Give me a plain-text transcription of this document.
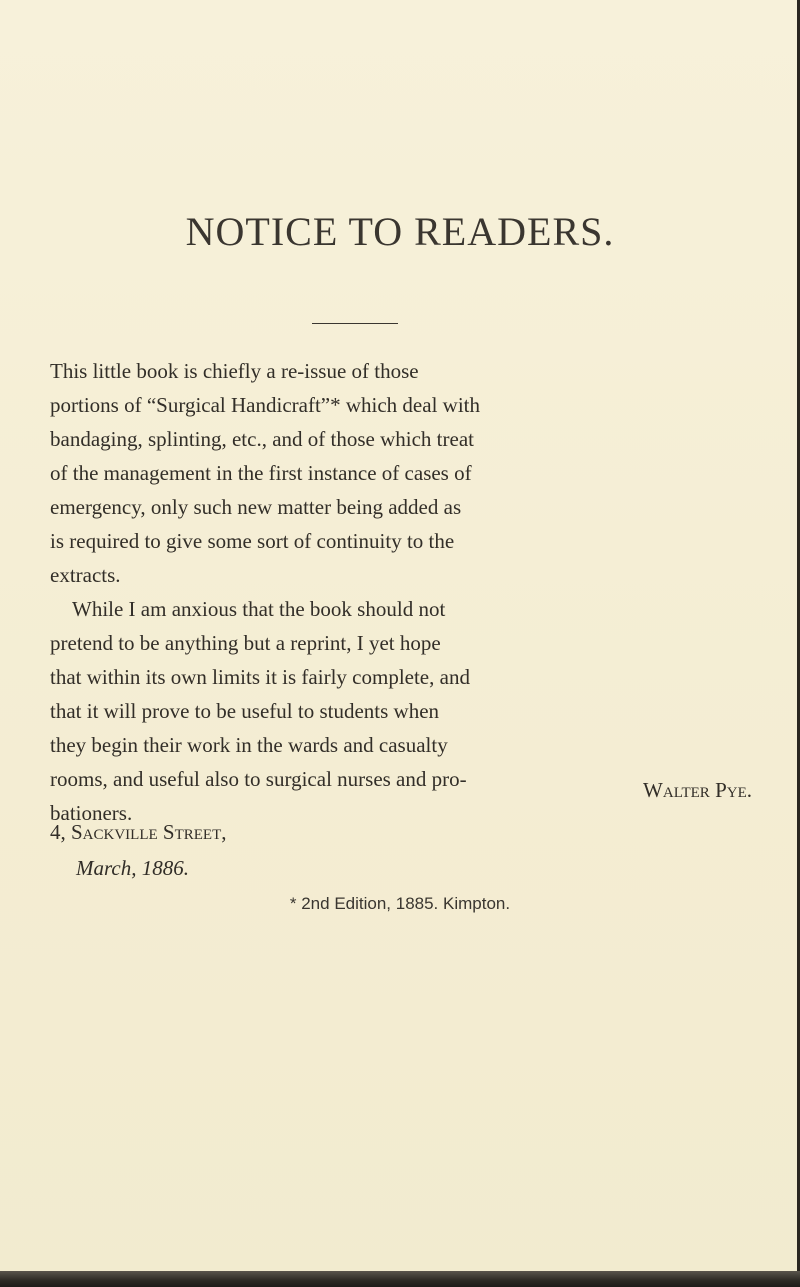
NOTICE TO READERS.

This little book is chiefly a re-issue of those
portions of “Surgical Handicraft”* which deal with
bandaging, splinting, etc., and of those which treat
of the management in the first instance of cases of
emergency, only such new matter being added as
is required to give some sort of continuity to the
extracts.

While I am anxious that the book should not
pretend to be anything but a reprint, I yet hope
that within its own limits it is fairly complete, and
that it will prove to be useful to students when
they begin their work in the wards and casualty
rooms, and useful also to surgical nurses and pro-
bationers.

Walter Pye.
4, Sackville Street,
March, 1886.
* 2nd Edition, 1885. Kimpton.
